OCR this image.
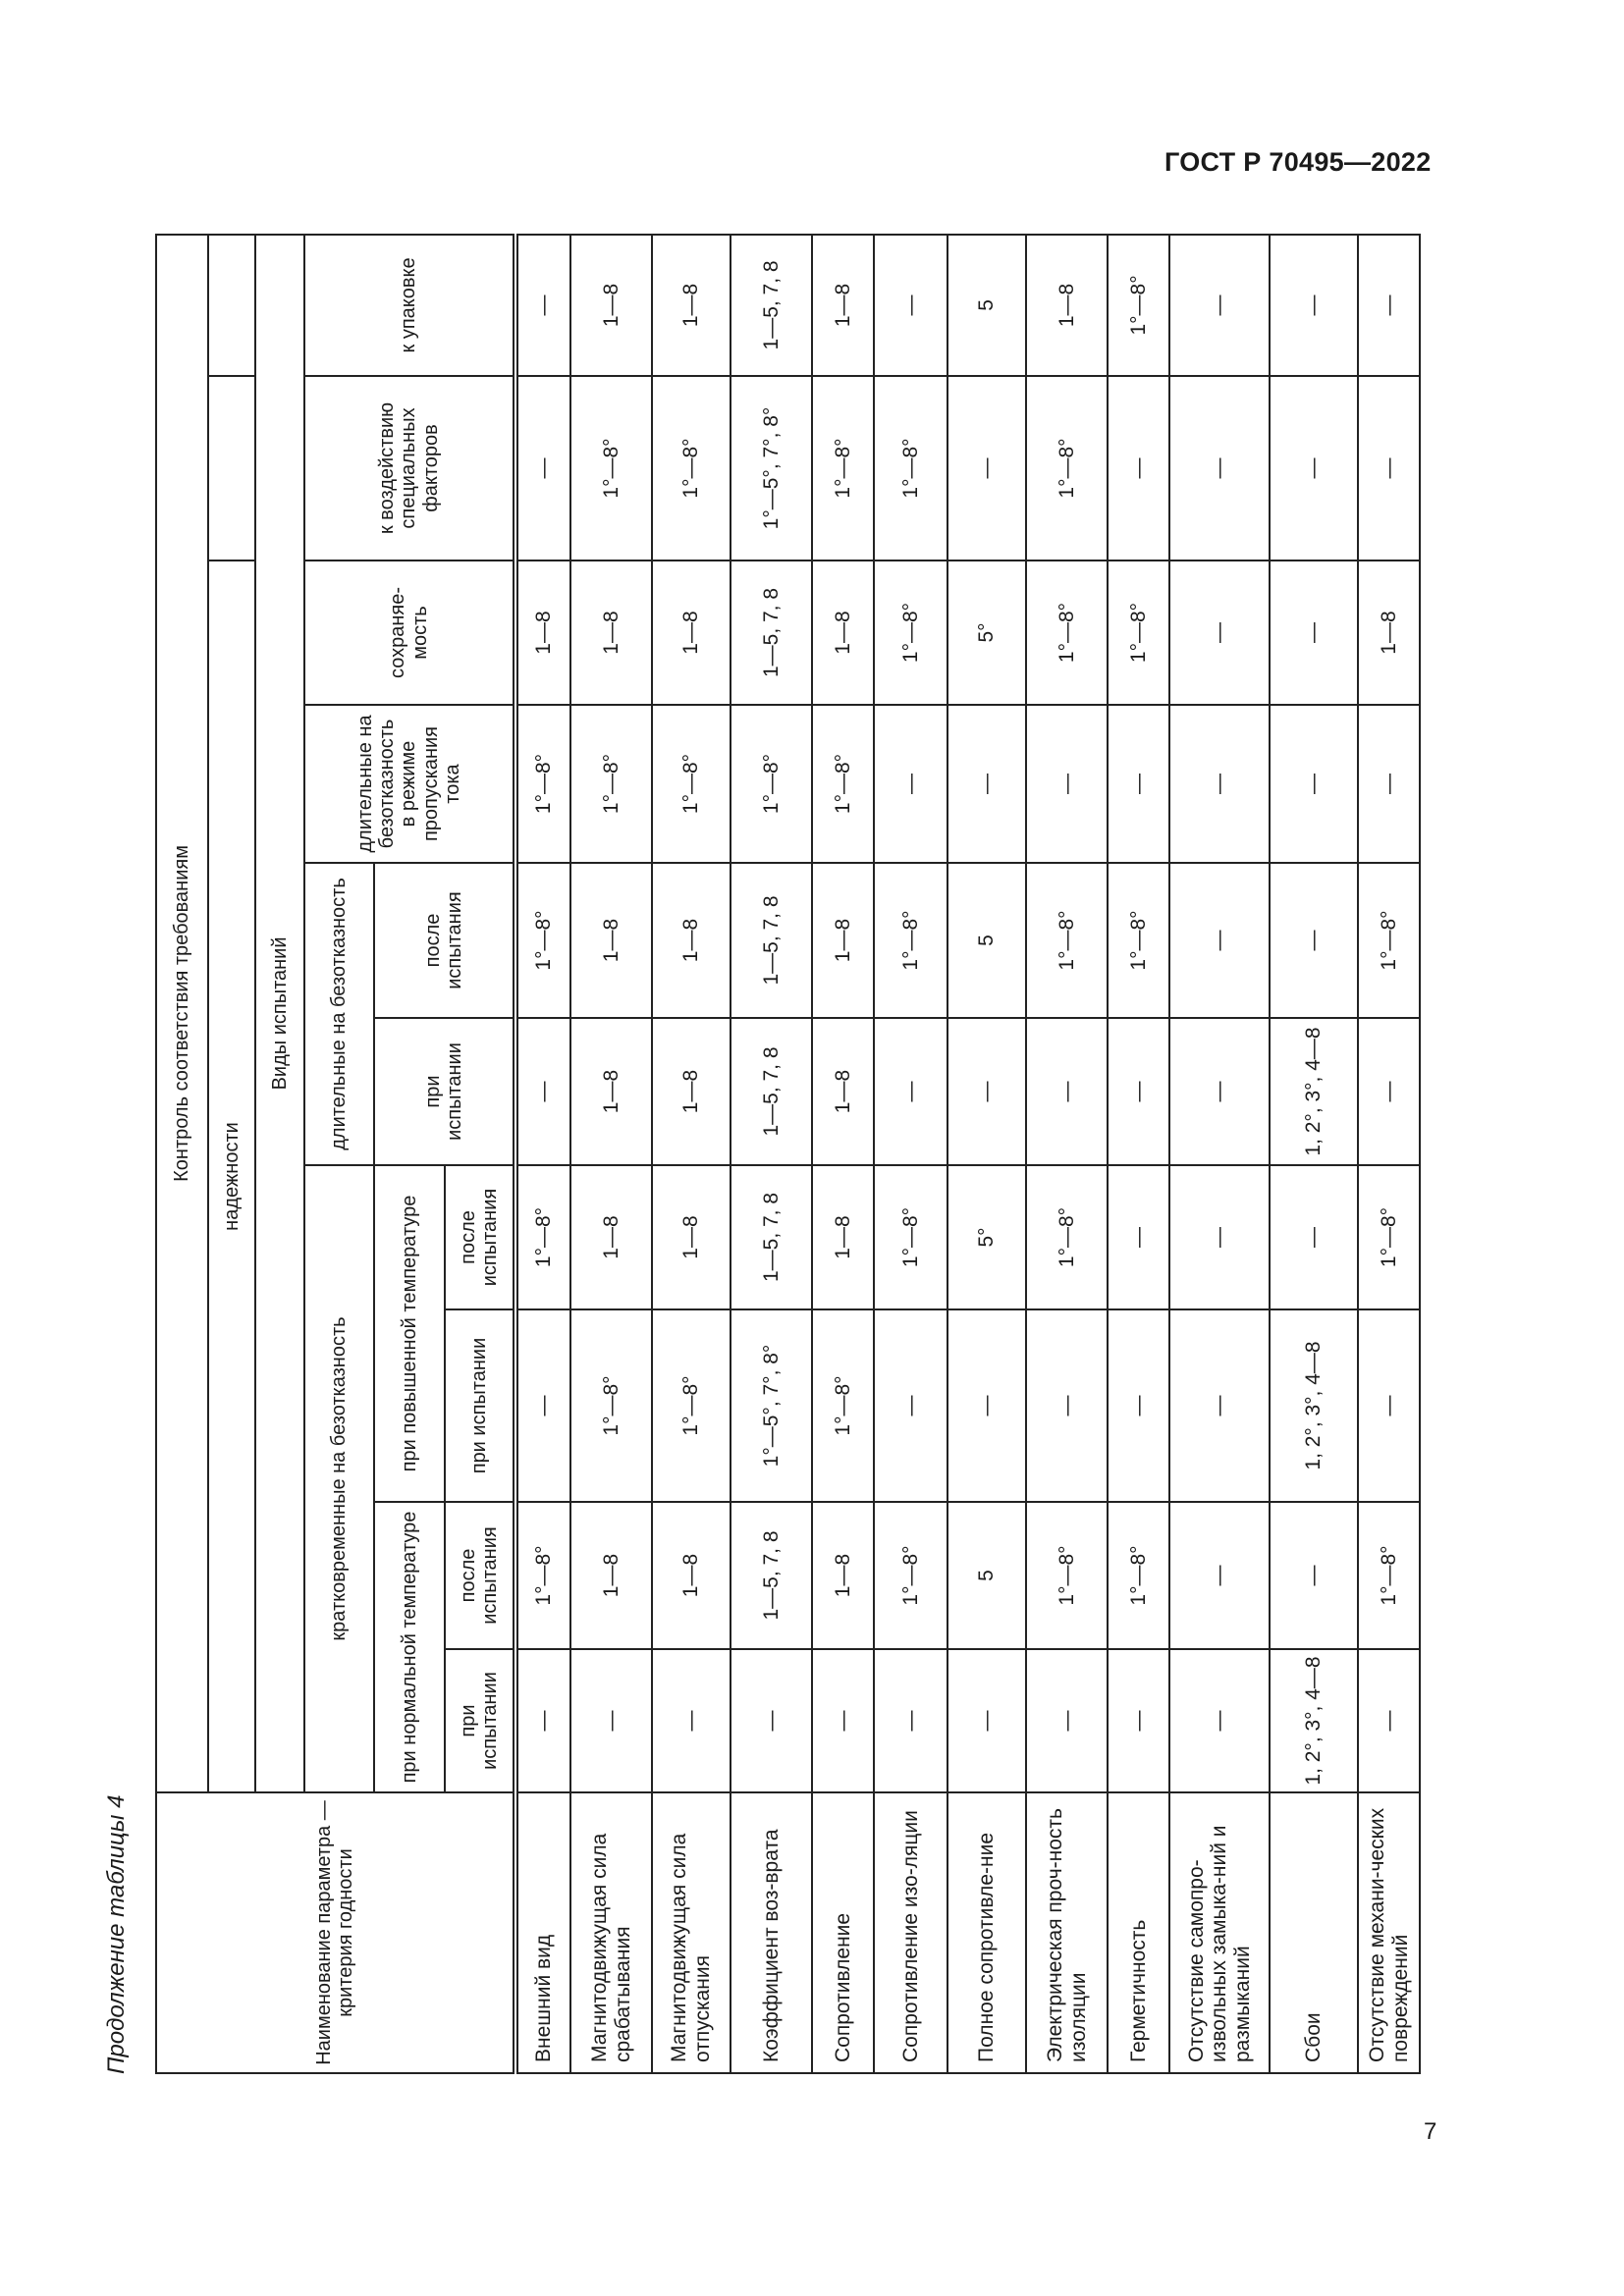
ГОСТ Р 70495—2022
Продолжение таблицы 4
7
Наименование параметра — критерия годности	Контроль соответствия требованиям									
	надежности									
	Виды испытаний									
	кратковременные на безотказность				длительные на безотказность		длительные на безотказность в режиме пропускания тока	сохраняе-мость	к воздействию специальных факторов	к упаковке
	при нормальной температуре		при повышенной температуре		при испытании	после испытания				
	при испытании	после испытания	при испытании	после испытания						
Внешний вид	—	1°—8°	—	1°—8°	—	1°—8°	1°—8°	1—8	—	—
Магнитодвижущая сила срабатывания	—	1—8	1°—8°	1—8	1—8	1—8	1°—8°	1—8	1°—8°	1—8
Магнитодвижущая сила отпускания	—	1—8	1°—8°	1—8	1—8	1—8	1°—8°	1—8	1°—8°	1—8
Коэффициент воз-врата	—	1—5, 7, 8	1°—5°, 7°, 8°	1—5, 7, 8	1—5, 7, 8	1—5, 7, 8	1°—8°	1—5, 7, 8	1°—5°, 7°, 8°	1—5, 7, 8
Сопротивление	—	1—8	1°—8°	1—8	1—8	1—8	1°—8°	1—8	1°—8°	1—8
Сопротивление изо-ляции	—	1°—8°	—	1°—8°	—	1°—8°	—	1°—8°	1°—8°	—
Полное сопротивле-ние	—	5	—	5°	—	5	—	5°	—	5
Электрическая проч-ность изоляции	—	1°—8°	—	1°—8°	—	1°—8°	—	1°—8°	1°—8°	1—8
Герметичность	—	1°—8°	—	—	—	1°—8°	—	1°—8°	—	1°—8°
Отсутствие самопро-извольных замыка-ний и размыканий	—	—	—	—	—	—	—	—	—	—
Сбои	1, 2°, 3°, 4—8	—	1, 2°, 3°, 4—8	—	1, 2°, 3°, 4—8	—	—	—	—	—
Отсутствие механи-ческих повреждений	—	1°—8°	—	1°—8°	—	1°—8°	—	1—8	—	—
